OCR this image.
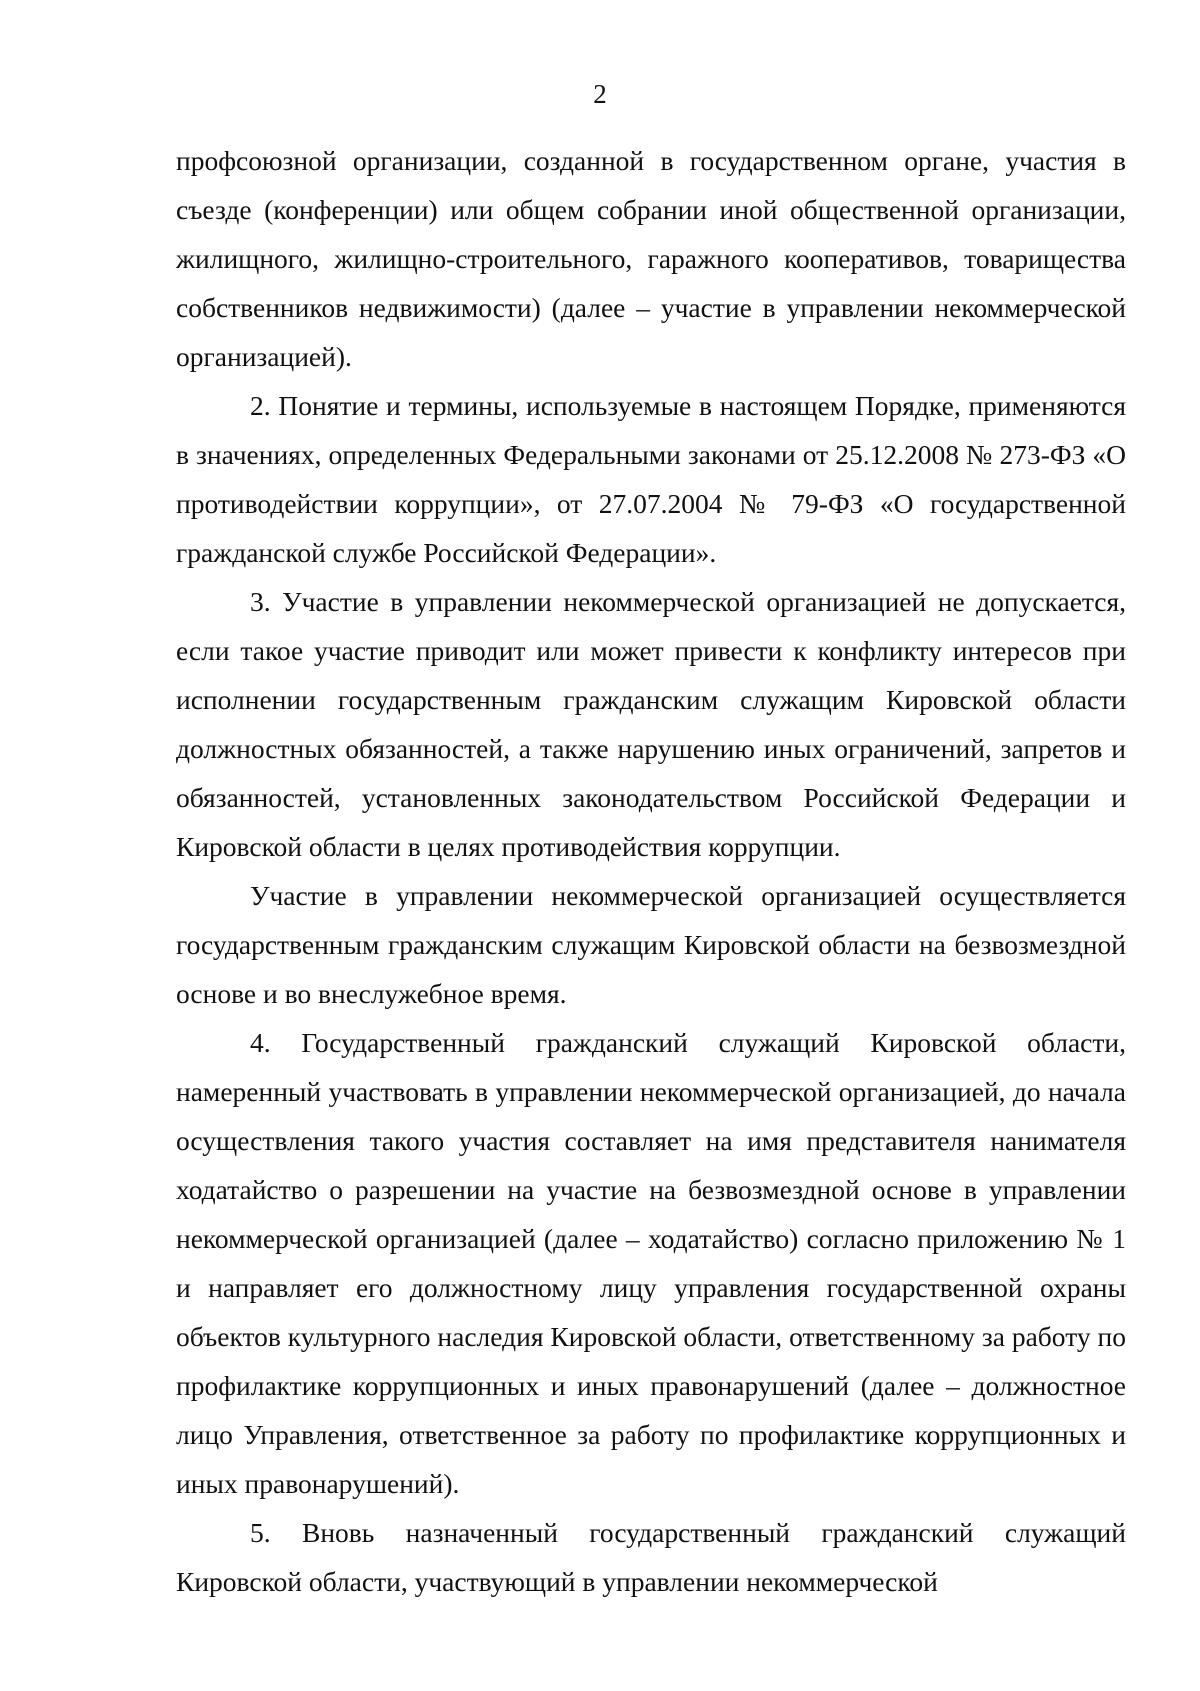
2

профсоюзной организации, созданной в государственном органе, участия в съезде (конференции) или общем собрании иной общественной организации, жилищного, жилищно-строительного, гаражного кооперативов, товарищества собственников недвижимости) (далее – участие в управлении некоммерческой организацией).

2. Понятие и термины, используемые в настоящем Порядке, применяются в значениях, определенных Федеральными законами от 25.12.2008 № 273-ФЗ «О противодействии коррупции», от 27.07.2004 № 79-ФЗ «О государственной гражданской службе Российской Федерации».

3. Участие в управлении некоммерческой организацией не допускается, если такое участие приводит или может привести к конфликту интересов при исполнении государственным гражданским служащим Кировской области должностных обязанностей, а также нарушению иных ограничений, запретов и обязанностей, установленных законодательством Российской Федерации и Кировской области в целях противодействия коррупции.

Участие в управлении некоммерческой организацией осуществляется государственным гражданским служащим Кировской области на безвозмездной основе и во внеслужебное время.

4. Государственный гражданский служащий Кировской области, намеренный участвовать в управлении некоммерческой организацией, до начала осуществления такого участия составляет на имя представителя нанимателя ходатайство о разрешении на участие на безвозмездной основе в управлении некоммерческой организацией (далее – ходатайство) согласно приложению № 1 и направляет его должностному лицу управления государственной охраны объектов культурного наследия Кировской области, ответственному за работу по профилактике коррупционных и иных правонарушений (далее – должностное лицо Управления, ответственное за работу по профилактике коррупционных и иных правонарушений).

5. Вновь назначенный государственный гражданский служащий Кировской области, участвующий в управлении некоммерческой
